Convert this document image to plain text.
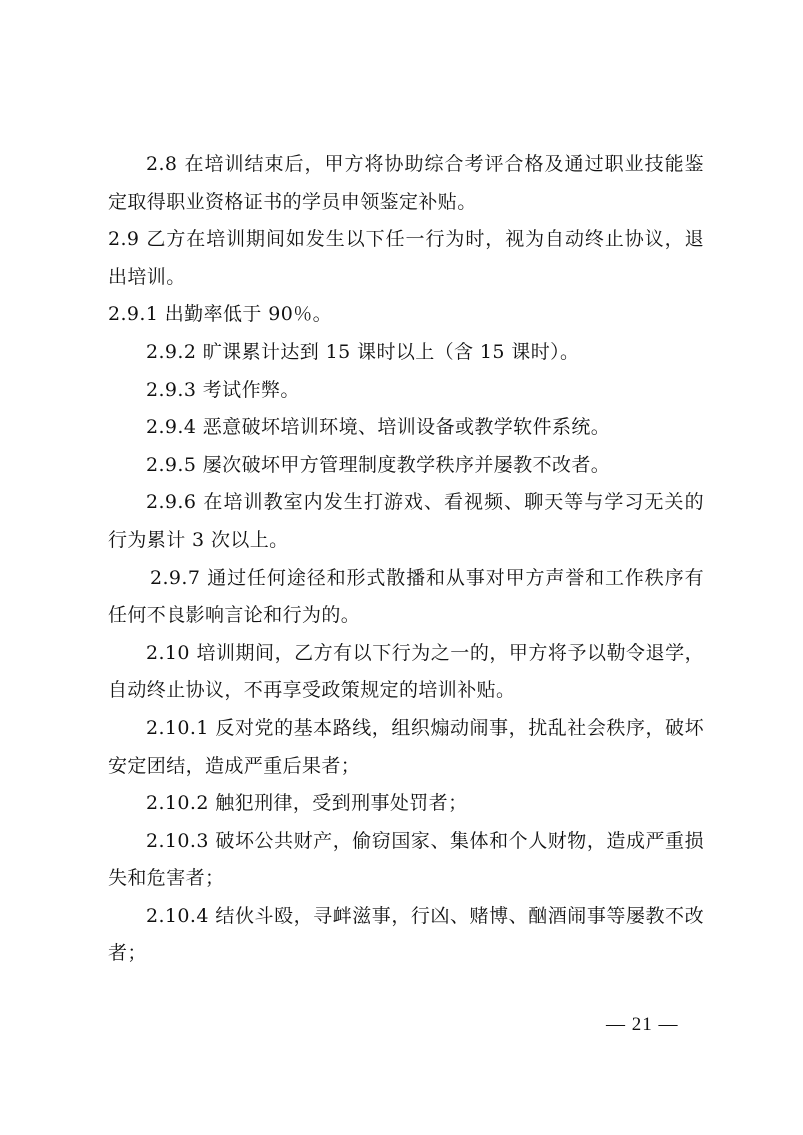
2.8 在培训结束后，甲方将协助综合考评合格及通过职业技能鉴定取得职业资格证书的学员申领鉴定补贴。

2.9 乙方在培训期间如发生以下任一行为时，视为自动终止协议，退出培训。

2.9.1 出勤率低于 90％。

2.9.2 旷课累计达到 15 课时以上（含 15 课时）。

2.9.3 考试作弊。

2.9.4 恶意破坏培训环境、培训设备或教学软件系统。

2.9.5 屡次破坏甲方管理制度教学秩序并屡教不改者。

2.9.6 在培训教室内发生打游戏、看视频、聊天等与学习无关的行为累计 3 次以上。

2.9.7 通过任何途径和形式散播和从事对甲方声誉和工作秩序有任何不良影响言论和行为的。

2.10 培训期间，乙方有以下行为之一的，甲方将予以勒令退学，自动终止协议，不再享受政策规定的培训补贴。

2.10.1 反对党的基本路线，组织煽动闹事，扰乱社会秩序，破坏安定团结，造成严重后果者；

2.10.2 触犯刑律，受到刑事处罚者；

2.10.3 破坏公共财产，偷窃国家、集体和个人财物，造成严重损失和危害者；

2.10.4 结伙斗殴，寻衅滋事，行凶、赌博、酗酒闹事等屡教不改者；

— 21 —
